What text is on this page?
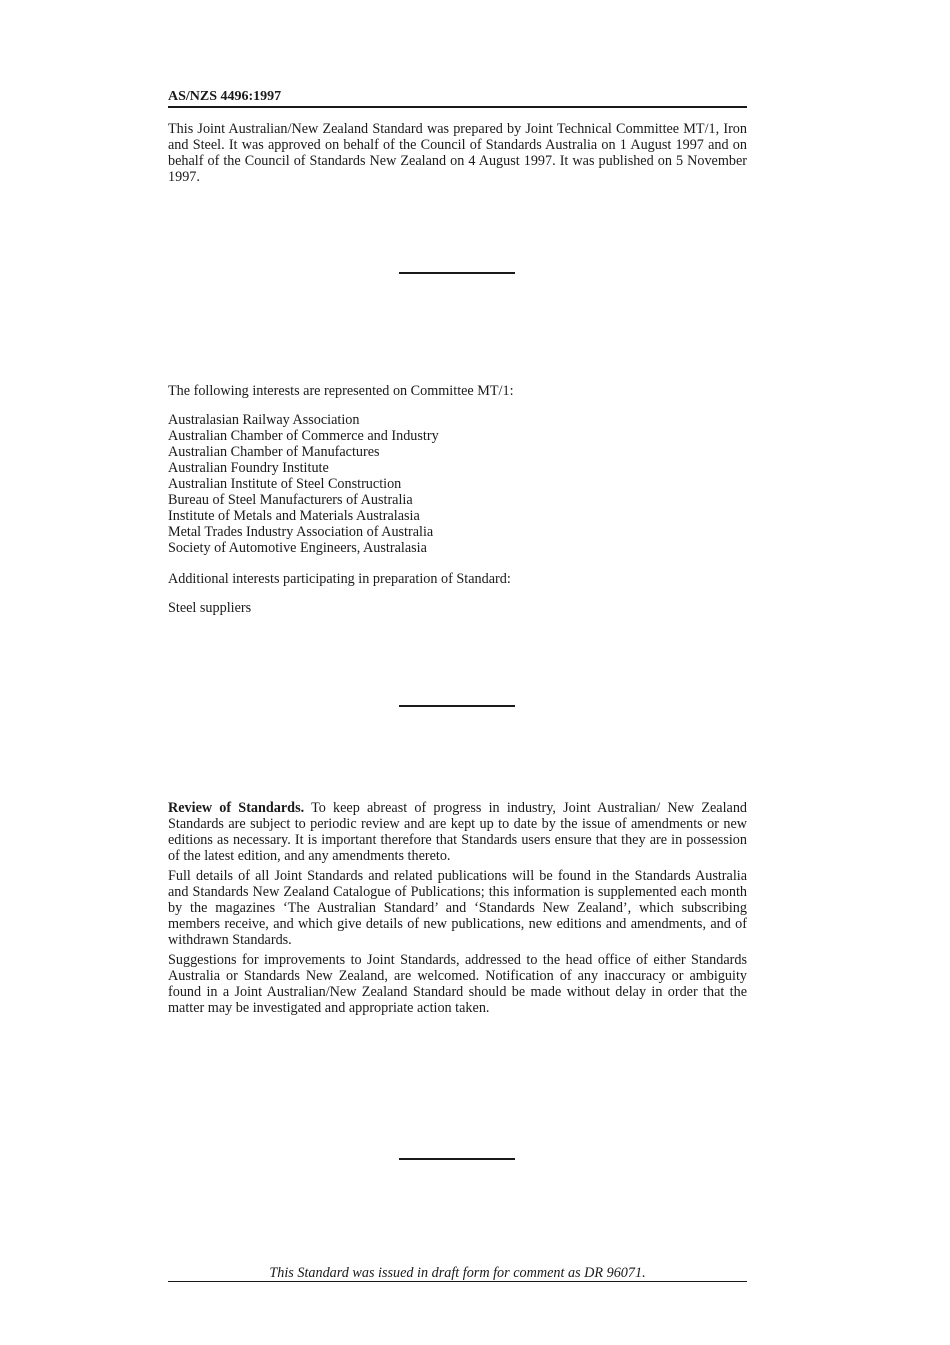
AS/NZS 4496:1997

This Joint Australian/New Zealand Standard was prepared by Joint Technical Committee MT/1, Iron and Steel. It was approved on behalf of the Council of Standards Australia on 1 August 1997 and on behalf of the Council of Standards New Zealand on 4 August 1997. It was published on 5 November 1997.

The following interests are represented on Committee MT/1:

Australasian Railway Association
Australian Chamber of Commerce and Industry
Australian Chamber of Manufactures
Australian Foundry Institute
Australian Institute of Steel Construction
Bureau of Steel Manufacturers of Australia
Institute of Metals and Materials Australasia
Metal Trades Industry Association of Australia
Society of Automotive Engineers, Australasia

Additional interests participating in preparation of Standard:

Steel suppliers

Review of Standards. To keep abreast of progress in industry, Joint Australian/ New Zealand Standards are subject to periodic review and are kept up to date by the issue of amendments or new editions as necessary. It is important therefore that Standards users ensure that they are in possession of the latest edition, and any amendments thereto.

Full details of all Joint Standards and related publications will be found in the Standards Australia and Standards New Zealand Catalogue of Publications; this information is supplemented each month by the magazines ‘The Australian Standard’ and ‘Standards New Zealand’, which subscribing members receive, and which give details of new publications, new editions and amendments, and of withdrawn Standards.

Suggestions for improvements to Joint Standards, addressed to the head office of either Standards Australia or Standards New Zealand, are welcomed. Notification of any inaccuracy or ambiguity found in a Joint Australian/New Zealand Standard should be made without delay in order that the matter may be investigated and appropriate action taken.

This Standard was issued in draft form for comment as DR 96071.
